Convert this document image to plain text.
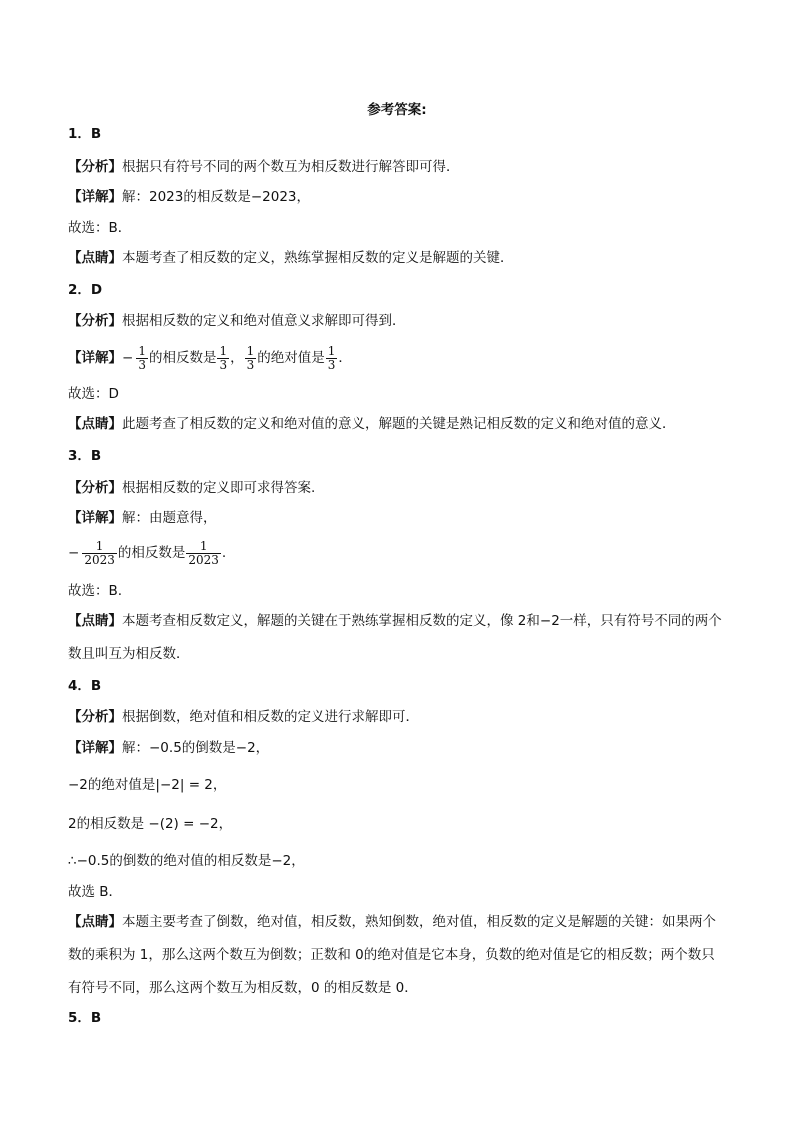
参考答案:
1．B
【分析】根据只有符号不同的两个数互为相反数进行解答即可得．
【详解】解：2023的相反数是−2023，
故选：B．
【点睛】本题考查了相反数的定义，熟练掌握相反数的定义是解题的关键．
2．D
【分析】根据相反数的定义和绝对值意义求解即可得到．
【详解】− $\frac{1}{3}$ 的相反数是 $\frac{1}{3}$ ， $\frac{1}{3}$ 的绝对值是 $\frac{1}{3}$ ．
故选：D
【点睛】此题考查了相反数的定义和绝对值的意义，解题的关键是熟记相反数的定义和绝对值的意义．
3．B
【分析】根据相反数的定义即可求得答案.
【详解】解：由题意得，
− $\frac{1}{2023}$ 的相反数是 $\frac{1}{2023}$ .
故选：B.
【点睛】本题考查相反数定义，解题的关键在于熟练掌握相反数的定义，像 2和−2一样，只有符号不同的两个数且叫互为相反数．
4．B
【分析】根据倒数，绝对值和相反数的定义进行求解即可．
【详解】解：−0.5的倒数是−2，
−2的绝对值是|−2| = 2，
2的相反数是 −(2) = −2，
∴−0.5的倒数的绝对值的相反数是−2，
故选 B．
【点睛】本题主要考查了倒数，绝对值，相反数，熟知倒数，绝对值，相反数的定义是解题的关键：如果两个数的乘积为 1，那么这两个数互为倒数；正数和 0的绝对值是它本身，负数的绝对值是它的相反数；两个数只有符号不同，那么这两个数互为相反数，0 的相反数是 0．
5．B
